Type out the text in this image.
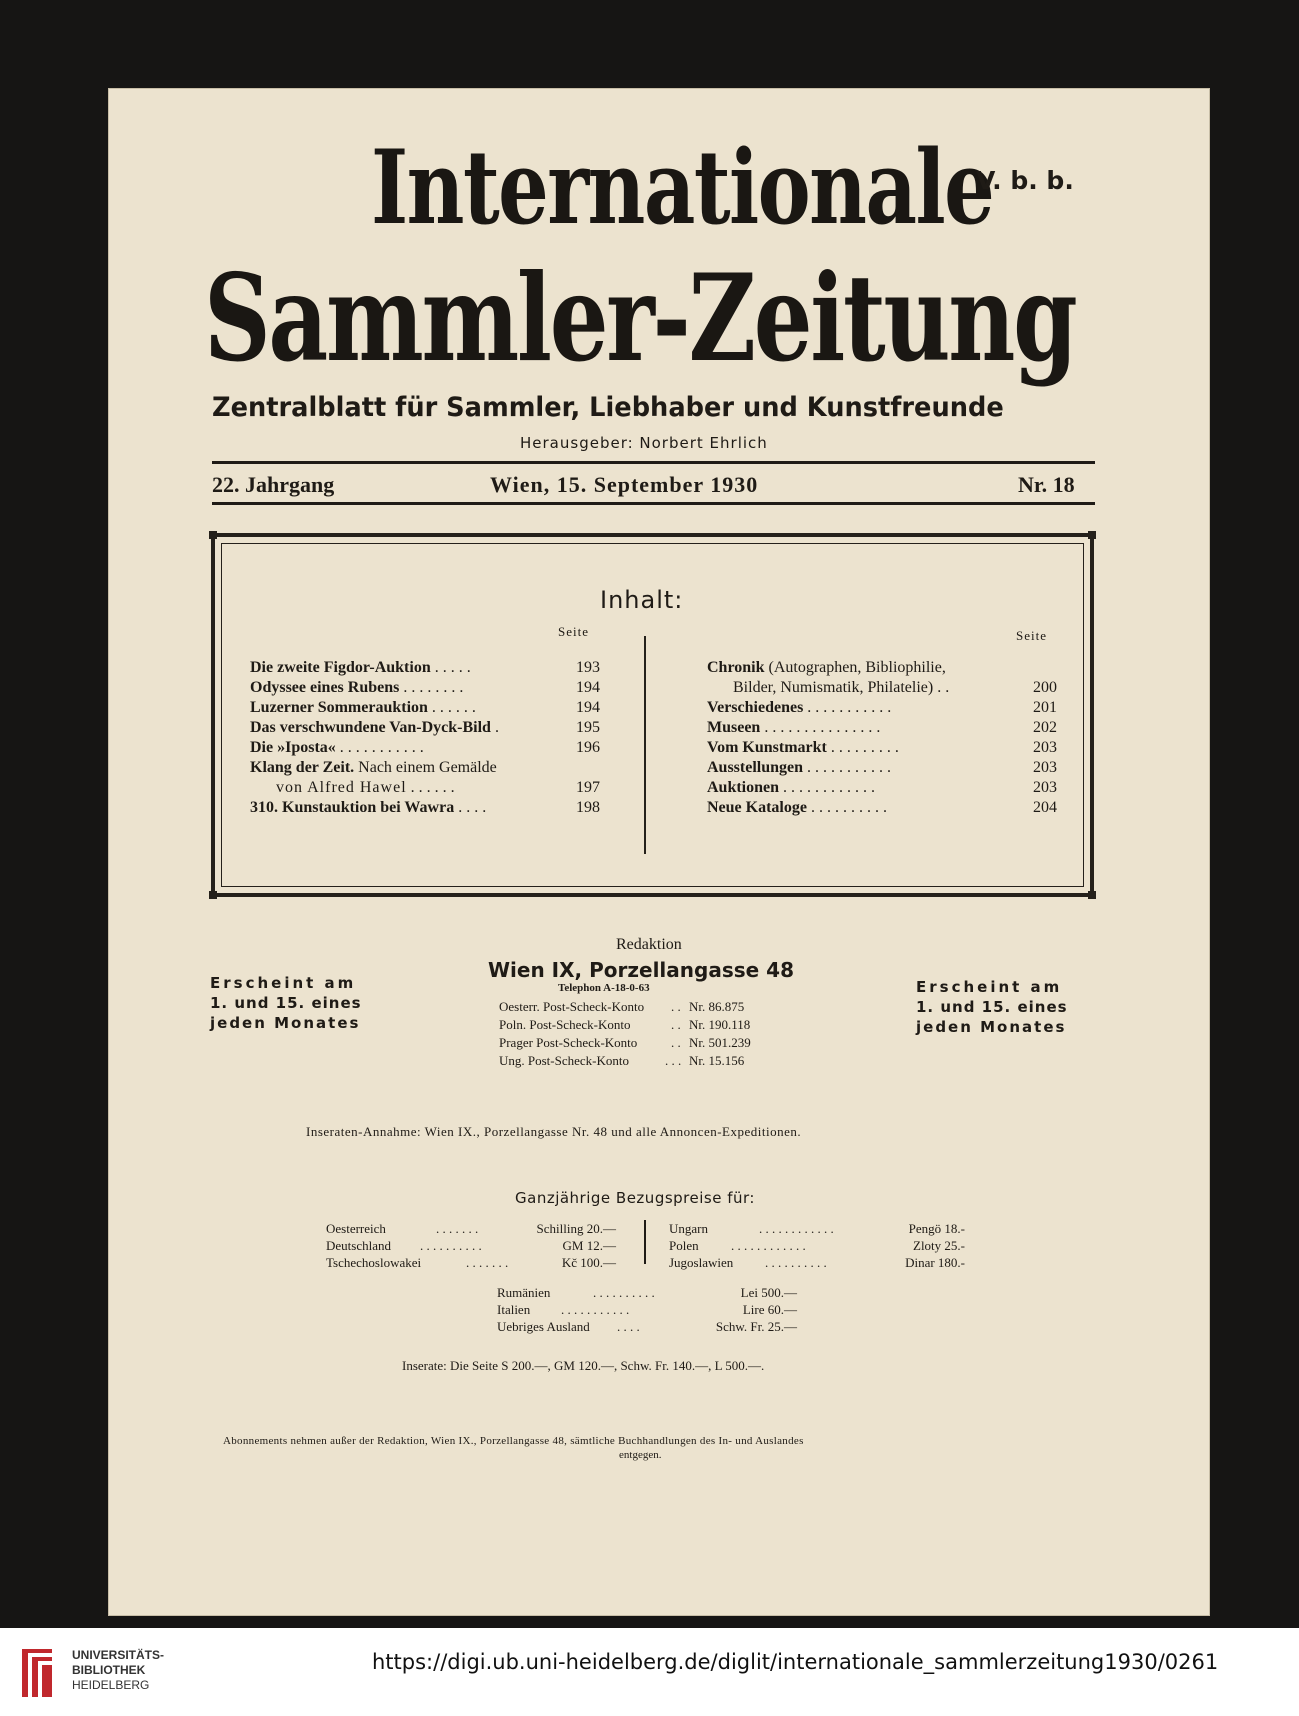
Internationale
V. b. b.
Sammler-Zeitung
Zentralblatt für Sammler, Liebhaber und Kunstfreunde
Herausgeber: Norbert Ehrlich
22. Jahrgang	Wien, 15. September 1930	Nr. 18
Inhalt:
Seite	Seite
Die zweite Figdor-Auktion . . . . .	193
Odyssee eines Rubens . . . . . . . .	194
Luzerner Sommerauktion . . . . . .	194
Das verschwundene Van-Dyck-Bild .	195
Die »Iposta« . . . . . . . . . . .	196
Klang der Zeit. Nach einem Gemälde
von Alfred Hawel . . . . . .	197
310. Kunstauktion bei Wawra . . . .	198
Chronik (Autographen, Bibliophilie,
Bilder, Numismatik, Philatelie) . .	200
Verschiedenes . . . . . . . . . . .	201
Museen . . . . . . . . . . . . . . .	202
Vom Kunstmarkt . . . . . . . . .	203
Ausstellungen . . . . . . . . . . .	203
Auktionen . . . . . . . . . . . .	203
Neue Kataloge . . . . . . . . . .	204
Redaktion
Wien IX, Porzellangasse 48
Telephon A-18-0-63
Oesterr. Post-Scheck-Konto . . Nr. 86.875
Poln. Post-Scheck-Konto	. . Nr. 190.118
Prager Post-Scheck-Konto	. . Nr. 501.239
Ung. Post-Scheck-Konto	. . . Nr. 15.156
Erscheint am
1. und 15. eines
jeden Monates
Erscheint am
1. und 15. eines
jeden Monates
Inseraten-Annahme: Wien IX., Porzellangasse Nr. 48 und alle Annoncen-Expeditionen.
Ganzjährige Bezugspreise für:
Oesterreich	. . . . . . .	Schilling 20.—
Deutschland . . . . . . . . . .	GM 12.—
Tschechoslowakei	. . . . . . .	Kč 100.—
Ungarn	. . . . . . . . . . . .	Pengö 18.-
Polen . . . . . . . . . . . .	Zloty 25.-
Jugoslawien . . . . . . . . . .	Dinar 180.-
Rumänien	. . . . . . . . . .	Lei 500.—
Italien . . . . . . . . . . .	Lire 60.—
Uebriges Ausland . . . .	Schw. Fr. 25.—
Inserate: Die Seite S 200.—, GM 120.—, Schw. Fr. 140.—, L 500.—.
Abonnements nehmen außer der Redaktion, Wien IX., Porzellangasse 48, sämtliche Buchhandlungen des In- und Auslandes
entgegen.
UNIVERSITÄTS-
BIBLIOTHEK
HEIDELBERG
https://digi.ub.uni-heidelberg.de/diglit/internationale_sammlerzeitung1930/0261
